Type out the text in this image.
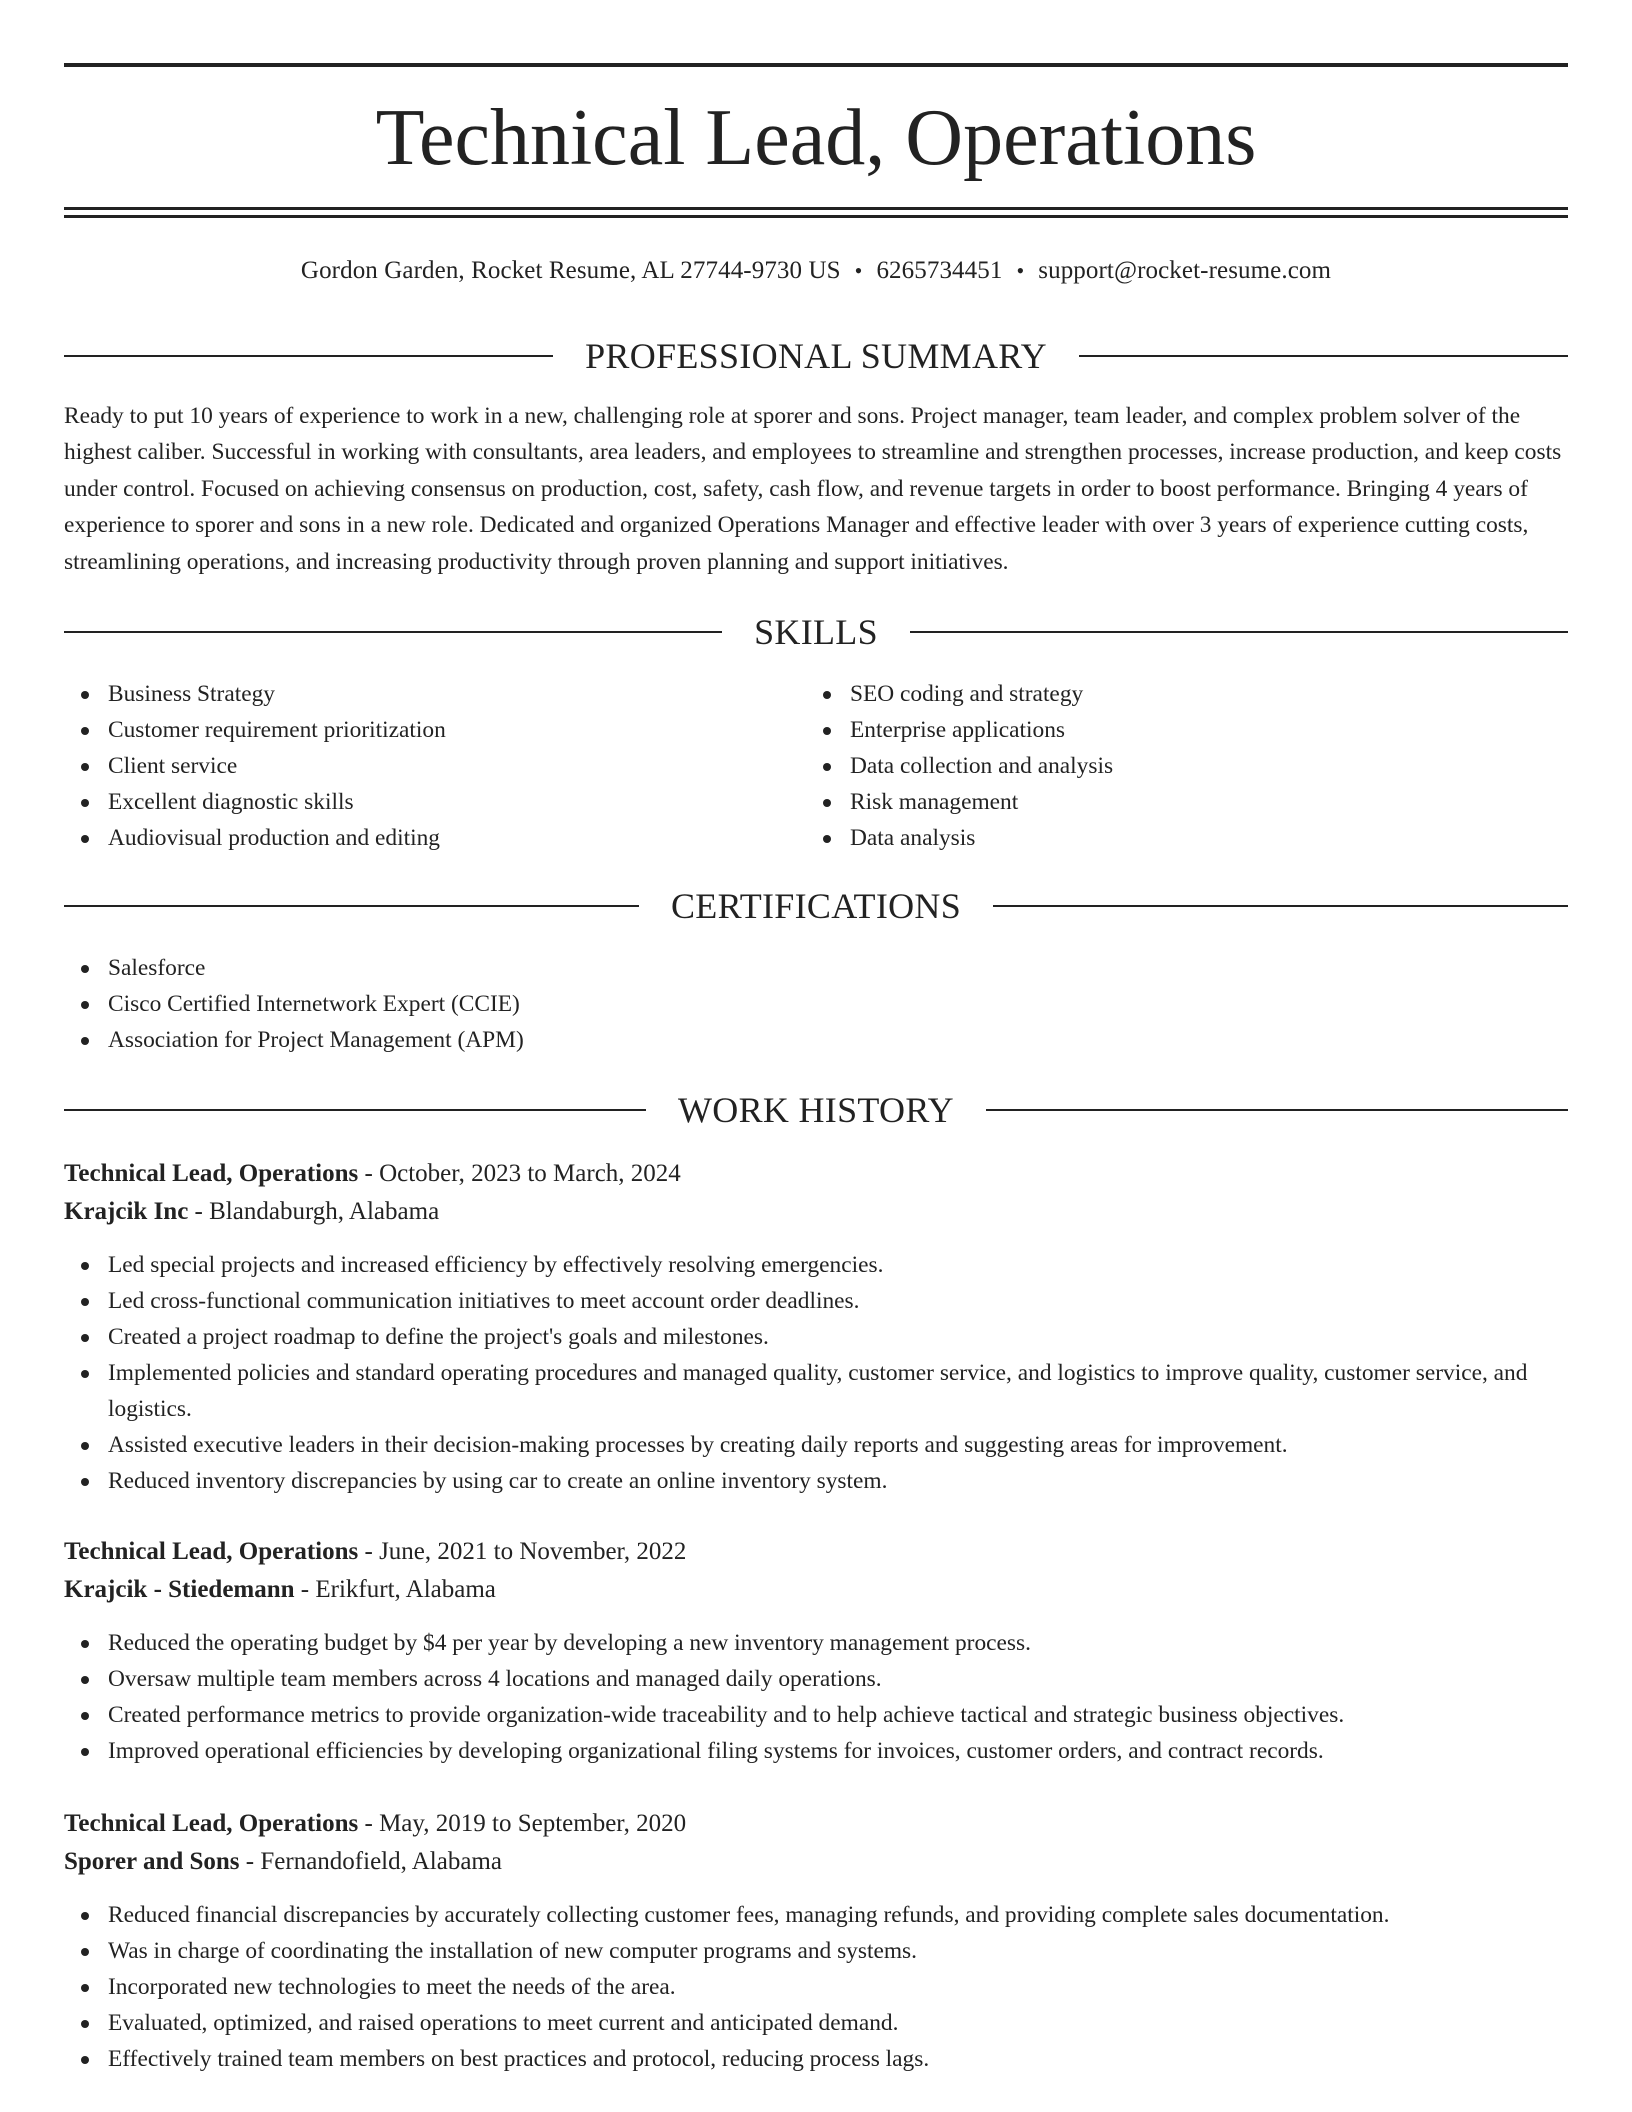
Technical Lead, Operations
Gordon Garden, Rocket Resume, AL 27744-9730 US • 6265734451 • support@rocket-resume.com
PROFESSIONAL SUMMARY

Ready to put 10 years of experience to work in a new, challenging role at sporer and sons. Project manager, team leader, and complex problem solver of the highest caliber. Successful in working with consultants, area leaders, and employees to streamline and strengthen processes, increase production, and keep costs under control. Focused on achieving consensus on production, cost, safety, cash flow, and revenue targets in order to boost performance. Bringing 4 years of experience to sporer and sons in a new role. Dedicated and organized Operations Manager and effective leader with over 3 years of experience cutting costs, streamlining operations, and increasing productivity through proven planning and support initiatives.

SKILLS
Business Strategy
Customer requirement prioritization
Client service
Excellent diagnostic skills
Audiovisual production and editing
SEO coding and strategy
Enterprise applications
Data collection and analysis
Risk management
Data analysis
CERTIFICATIONS
Salesforce
Cisco Certified Internetwork Expert (CCIE)
Association for Project Management (APM)
WORK HISTORY
Technical Lead, Operations - October, 2023 to March, 2024
Krajcik Inc - Blandaburgh, Alabama
Led special projects and increased efficiency by effectively resolving emergencies.
Led cross-functional communication initiatives to meet account order deadlines.
Created a project roadmap to define the project's goals and milestones.
Implemented policies and standard operating procedures and managed quality, customer service, and logistics to improve quality, customer service, and logistics.
Assisted executive leaders in their decision-making processes by creating daily reports and suggesting areas for improvement.
Reduced inventory discrepancies by using car to create an online inventory system.
Technical Lead, Operations - June, 2021 to November, 2022
Krajcik - Stiedemann - Erikfurt, Alabama
Reduced the operating budget by $4 per year by developing a new inventory management process.
Oversaw multiple team members across 4 locations and managed daily operations.
Created performance metrics to provide organization-wide traceability and to help achieve tactical and strategic business objectives.
Improved operational efficiencies by developing organizational filing systems for invoices, customer orders, and contract records.
Technical Lead, Operations - May, 2019 to September, 2020
Sporer and Sons - Fernandofield, Alabama
Reduced financial discrepancies by accurately collecting customer fees, managing refunds, and providing complete sales documentation.
Was in charge of coordinating the installation of new computer programs and systems.
Incorporated new technologies to meet the needs of the area.
Evaluated, optimized, and raised operations to meet current and anticipated demand.
Effectively trained team members on best practices and protocol, reducing process lags.
